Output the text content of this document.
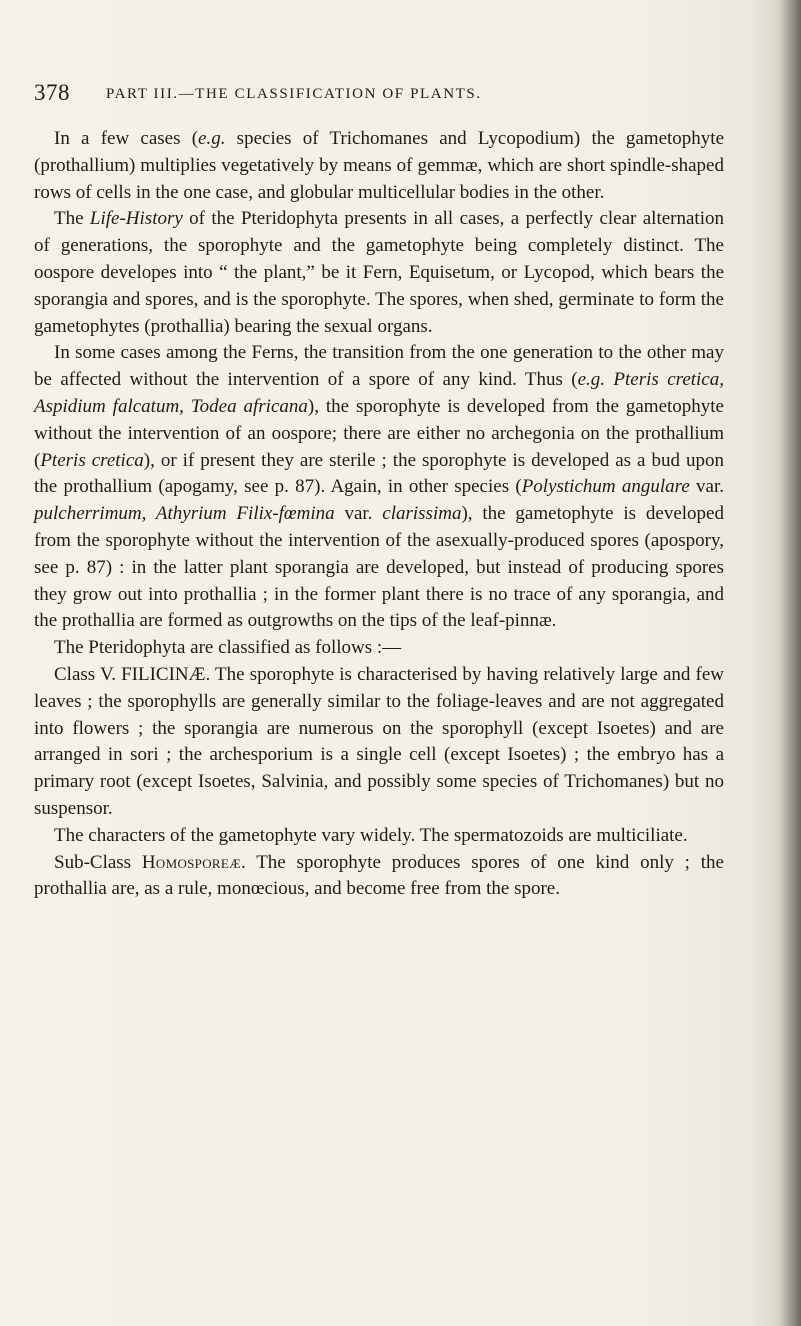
378 PART III.—THE CLASSIFICATION OF PLANTS.

In a few cases (e.g. species of Trichomanes and Lycopodium) the gametophyte (prothallium) multiplies vegetatively by means of gemmæ, which are short spindle-shaped rows of cells in the one case, and globular multicellular bodies in the other.

The Life-History of the Pteridophyta presents in all cases, a perfectly clear alternation of generations, the sporophyte and the gametophyte being completely distinct. The oospore developes into “ the plant,” be it Fern, Equisetum, or Lycopod, which bears the sporangia and spores, and is the sporophyte. The spores, when shed, germinate to form the gametophytes (prothallia) bearing the sexual organs.

In some cases among the Ferns, the transition from the one generation to the other may be affected without the intervention of a spore of any kind. Thus (e.g. Pteris cretica, Aspidium falcatum, Todea africana), the sporophyte is developed from the gametophyte without the intervention of an oospore; there are either no archegonia on the prothallium (Pteris cretica), or if present they are sterile ; the sporophyte is developed as a bud upon the prothallium (apogamy, see p. 87). Again, in other species (Polystichum angulare var. pulcherrimum, Athyrium Filix-fœmina var. clarissima), the gametophyte is developed from the sporophyte without the intervention of the asexually-produced spores (apospory, see p. 87) : in the latter plant sporangia are developed, but instead of producing spores they grow out into prothallia ; in the former plant there is no trace of any sporangia, and the prothallia are formed as outgrowths on the tips of the leaf-pinnæ.

The Pteridophyta are classified as follows :—

Class V. FILICINÆ. The sporophyte is characterised by having relatively large and few leaves ; the sporophylls are generally similar to the foliage-leaves and are not aggregated into flowers ; the sporangia are numerous on the sporophyll (except Isoetes) and are arranged in sori ; the archesporium is a single cell (except Isoetes) ; the embryo has a primary root (except Isoetes, Salvinia, and possibly some species of Trichomanes) but no suspensor.

The characters of the gametophyte vary widely. The spermatozoids are multiciliate.

Sub-Class Homosporeæ. The sporophyte produces spores of one kind only ; the prothallia are, as a rule, monœcious, and become free from the spore.
